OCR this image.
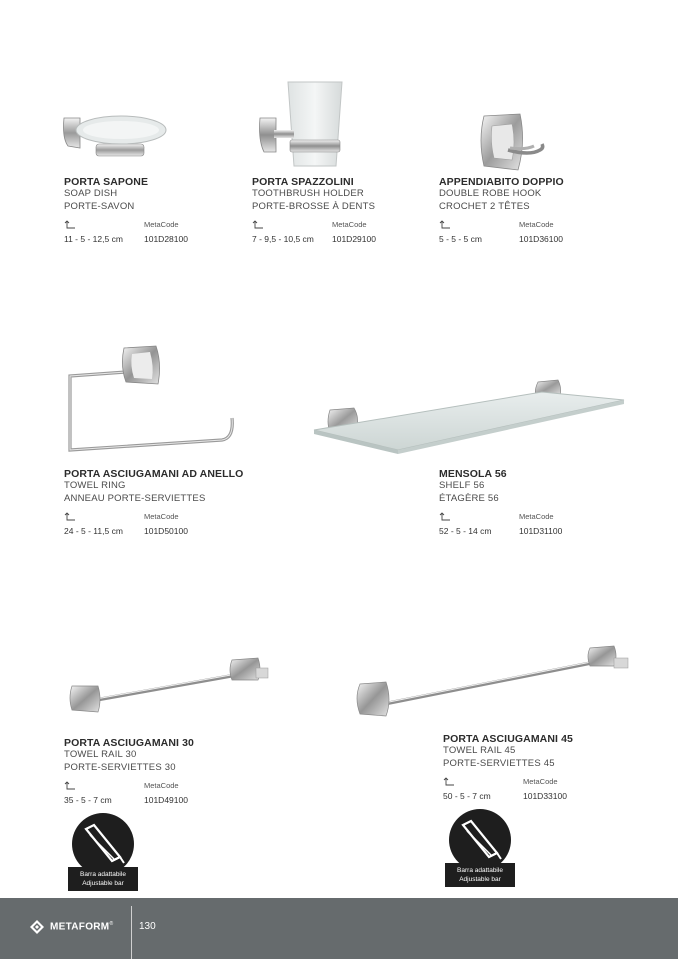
PORTA SAPONE
SOAP DISH
PORTE-SAVON
MetaCode
11 - 5 - 12,5 cm 101D28100
PORTA SPAZZOLINI
TOOTHBRUSH HOLDER
PORTE-BROSSE À DENTS
MetaCode
7 - 9,5 - 10,5 cm 101D29100
APPENDIABITO DOPPIO
DOUBLE ROBE HOOK
CROCHET 2 TÊTES
MetaCode
5 - 5 - 5 cm	101D36100
PORTA ASCIUGAMANI AD ANELLO
TOWEL RING
ANNEAU PORTE-SERVIETTES
MetaCode
24 - 5 - 11,5 cm 101D50100
MENSOLA 56
SHELF 56
ÉTAGÈRE 56
MetaCode
52 - 5 - 14 cm	101D31100
PORTA ASCIUGAMANI 30
TOWEL RAIL 30
PORTE-SERVIETTES 30
MetaCode
35 - 5 - 7 cm	101D49100
PORTA ASCIUGAMANI 45
TOWEL RAIL 45
PORTE-SERVIETTES 45
MetaCode
50 - 5 - 7 cm	101D33100
Barra adattabile
Adjustable bar
Barra adattabile
Adjustable bar
METAFORM®	130
